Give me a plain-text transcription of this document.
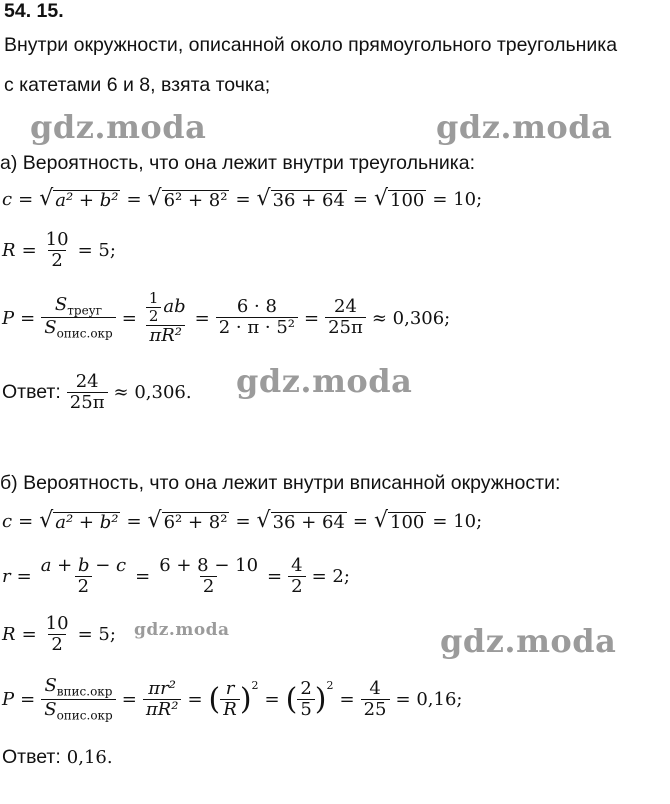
54. 15.
Внутри окружности, описанной около прямоугольного треугольника
с катетами 6 и 8, взята точка;
gdz.moda	gdz.moda
gdz.moda
gdz.moda	gdz.moda
а) Вероятность, что она лежит внутри треугольника:
c = √ a² + b² = √ 6² + 8² = √ 36 + 64 = √ 100 = 10;
$R = \frac{10}{2} = 5$;
$P = \frac{S_{треуг}}{S_{опис.окр}} = \frac{\frac{1}{2} ab}{\text{πR²}} = \frac{6 \cdot 8}{\text{2 · π · 5²}} = \frac{24}{25\pi} \approx 0,306$;
Ответ: $\frac{24}{25\pi} \approx 0,306$.
б) Вероятность, что она лежит внутри вписанной окружности:
c = √ a² + b² = √ 6² + 8² = √ 36 + 64 = √ 100 = 10;
$r = \frac{a + b - c}{2} = \frac{6 + 8 - 10}{2} = \frac{4}{2} = 2$;
$R = \frac{10}{2} = 5$;
$P = \frac{S_{впис.окр}}{S_{опис.окр}} = \frac{\text{πr²}}{\text{πR²}}$ = ( $\frac{r}{R} )^2$
= ( $\frac{2}{5} )^2$
= $\frac{4}{25} = 0,16$;
Ответ: 0,16.
